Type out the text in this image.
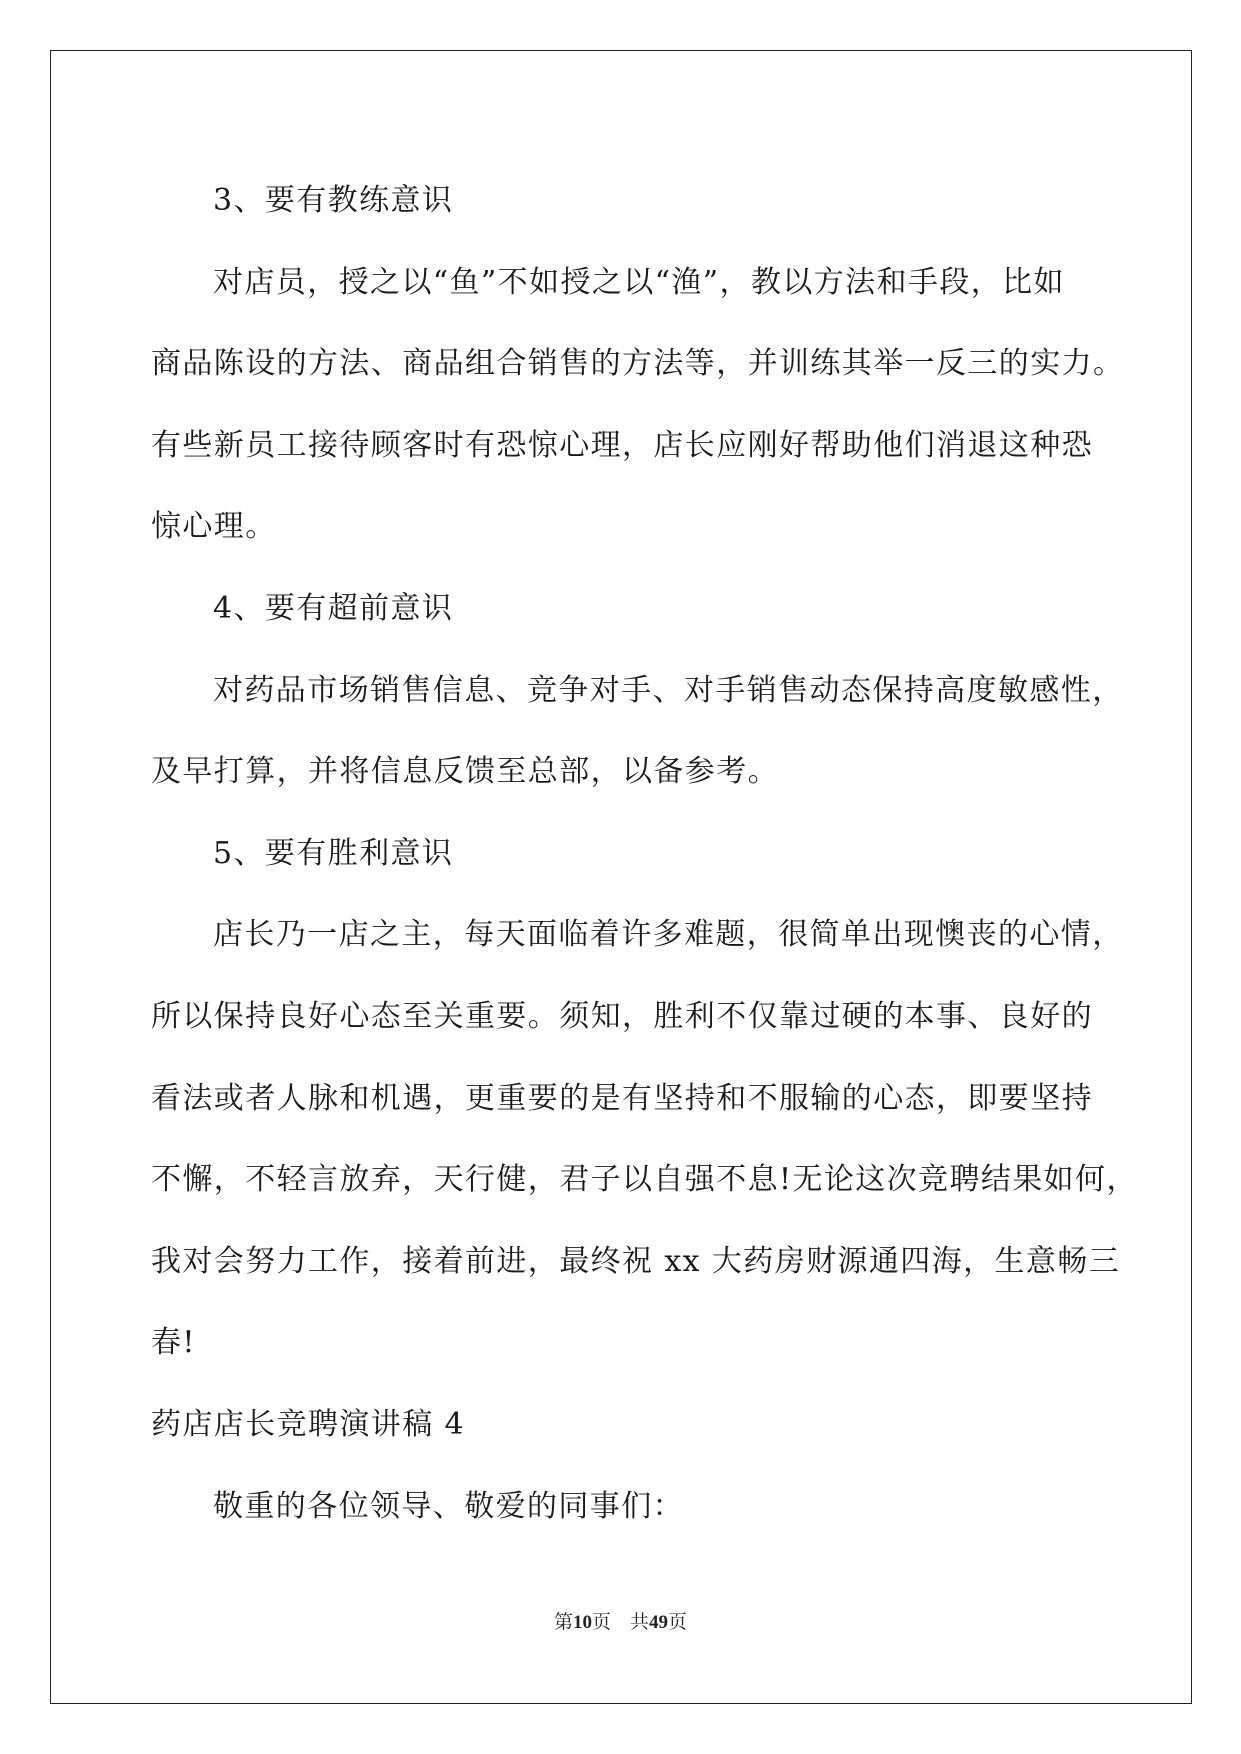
3、要有教练意识
对店员，授之以“鱼”不如授之以“渔”，教以方法和手段，比如
商品陈设的方法、商品组合销售的方法等，并训练其举一反三的实力。
有些新员工接待顾客时有恐惊心理，店长应刚好帮助他们消退这种恐
惊心理。
4、要有超前意识
对药品市场销售信息、竞争对手、对手销售动态保持高度敏感性，
及早打算，并将信息反馈至总部，以备参考。
5、要有胜利意识
店长乃一店之主，每天面临着许多难题，很简单出现懊丧的心情，
所以保持良好心态至关重要。须知，胜利不仅靠过硬的本事、良好的
看法或者人脉和机遇，更重要的是有坚持和不服输的心态，即要坚持
不懈，不轻言放弃，天行健，君子以自强不息!无论这次竞聘结果如何，
我对会努力工作，接着前进，最终祝 xx 大药房财源通四海，生意畅三
春!
药店店长竞聘演讲稿 4
敬重的各位领导、敬爱的同事们：
第10页　 共49页
